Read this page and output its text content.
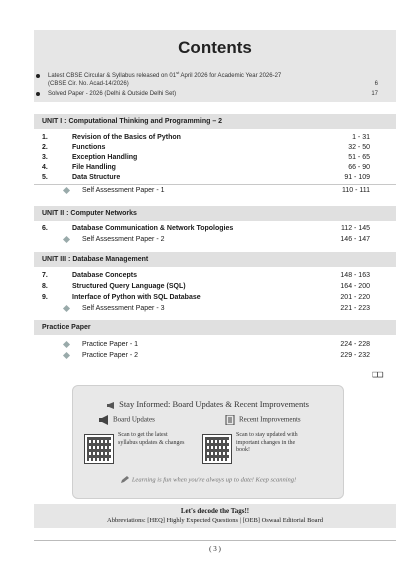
Contents
Latest CBSE Circular & Syllabus released on 01st April 2026 for Academic Year 2026-27
(CBSE Cir. No. Acad-14/2026)	6
Solved Paper - 2026 (Delhi & Outside Delhi Set)	17
UNIT I : Computational Thinking and Programming – 2
1.	Revision of the Basics of Python	1 - 31
2.	Functions	32 - 50
3.	Exception Handling	51 - 65
4.	File Handling	66 - 90
5.	Data Structure	91 - 109
Self Assessment Paper - 1	110 - 111
UNIT II : Computer Networks
6.	Database Communication & Network Topologies	112 - 145
Self Assessment Paper - 2	146 - 147
UNIT III : Database Management
7.	Database Concepts	148 - 163
8.	Structured Query Language (SQL)	164 - 200
9.	Interface of Python with SQL Database	201 - 220
Self Assessment Paper - 3	221 - 223
Practice Paper
Practice Paper - 1	224 - 228
Practice Paper - 2	229 - 232
❑❑
Stay Informed: Board Updates & Recent Improvements
Board Updates	Recent Improvements
Scan to get the latest syllabus updates & changes
Scan to stay updated with important changes in the book!
Learning is fun when you're always up to date! Keep scanning!
Let's decode the Tags!!
Abbreviations: [HEQ] Highly Expected Questions | [OEB] Oswaal Editorial Board
( 3 )
